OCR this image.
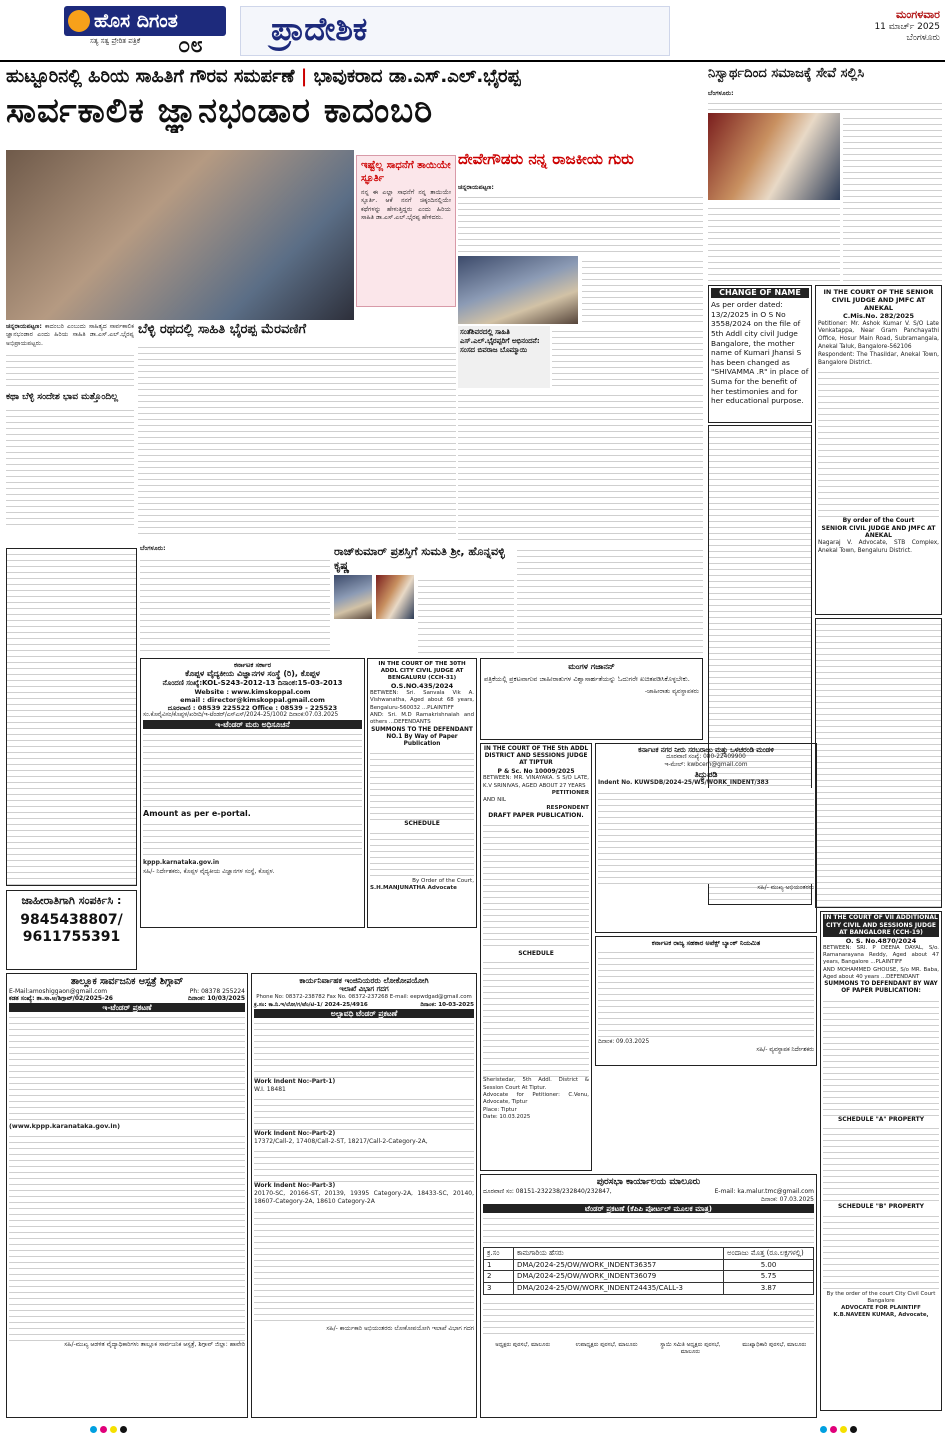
ಹೊಸ ದಿಗಂತ
ಸತ್ಯ ಸತ್ವ ಪ್ರೇರಿತ ಪತ್ರಿಕೆ ೦೮ ಪ್ರಾದೇಶಿಕ	ಮಂಗಳವಾರ
11 ಮಾರ್ಚ್ 2025
ಬೆಂಗಳೂರು
ಹುಟ್ಟೂರಿನಲ್ಲಿ ಹಿರಿಯ ಸಾಹಿತಿಗೆ ಗೌರವ ಸಮರ್ಪಣೆ | ಭಾವುಕರಾದ ಡಾ.ಎಸ್.ಎಲ್.ಭೈರಪ್ಪ
ಸಾರ್ವಕಾಲಿಕ ಜ್ಞಾನಭಂಡಾರ ಕಾದಂಬರಿ
ಇಷ್ಟೆಲ್ಲ ಸಾಧನೆಗೆ ತಾಯಿಯೇ ಸ್ಫೂರ್ತಿ
ನನ್ನ ಈ ಎಲ್ಲಾ ಸಾಧನೆಗೆ ನನ್ನ ತಾಯಿಯೇ ಸ್ಫೂರ್ತಿ. ಆಕೆ ನನಗೆ ಚಿಕ್ಕಂದಿನಲ್ಲಿಯೇ ಕಥೆಗಳನ್ನು ಹೇಳುತ್ತಿದ್ದರು ಎಂದು ಹಿರಿಯ ಸಾಹಿತಿ ಡಾ.ಎಸ್.ಎಲ್.ಭೈರಪ್ಪ ಹೇಳಿದರು.
ಚನ್ನರಾಯಪಟ್ಟಣ: ಕಾದಂಬರಿ ಎಂಬುದು ಸಾಹಿತ್ಯದ ಸಾರ್ವಕಾಲಿಕ ಜ್ಞಾನಭಂಡಾರ ಎಂದು ಹಿರಿಯ ಸಾಹಿತಿ ಡಾ.ಎಸ್.ಎಲ್.ಭೈರಪ್ಪ ಅಭಿಪ್ರಾಯಪಟ್ಟರು.
ಕಥಾ ಬೆಳ್ಳಿ ಸಂದೇಶ ಭಾವ ಮತ್ತೊಂದಿಲ್ಲ
ಬೆಳ್ಳಿ ರಥದಲ್ಲಿ ಸಾಹಿತಿ ಭೈರಪ್ಪ ಮೆರವಣಿಗೆ
ದೇವೇಗೌಡರು ನನ್ನ ರಾಜಕೀಯ ಗುರು
ಚನ್ನರಾಯಪಟ್ಟಣ:
ಸಂತೆಶಿವರದಲ್ಲಿ ಸಾಹಿತಿ ಎಸ್.ಎಲ್.ಭೈರಪ್ಪರಿಗೆ ಅಭಿನಂದನೆ: ಸಂಸದ ಬಿವರಾಜ ಬೊಮ್ಮಾಯಿ
ನಿಸ್ವಾರ್ಥದಿಂದ ಸಮಾಜಕ್ಕೆ ಸೇವೆ ಸಲ್ಲಿಸಿ
ಬೆಂಗಳೂರು:
CHANGE OF NAME
As per order dated: 13/2/2025 in O S No 3558/2024 on the file of 5th Addl city civil Judge Bangalore, the mother name of Kumari Jhansi S has been changed as "SHIVAMMA .R" in place of Suma for the benefit of her testimonies and for her educational purpose.
IN THE COURT OF THE SENIOR CIVIL JUDGE AND JMFC AT ANEKAL
C.Mis.No. 282/2025
Petitioner: Mr. Ashok Kumar V. S/O Late Venkatappa, Near Gram Panchayathi Office, Hosur Main Road, Subramangala, Anekal Taluk, Bangalore-562106
Respondent: The Thasildar, Anekal Town, Bangalore District.
By order of the Court
SENIOR CIVIL JUDGE AND JMFC AT ANEKAL
Nagaraj V. Advocate, STB Complex, Anekal Town, Bengaluru District.
ಬೆಂಗಳೂರು:	ರಾಜ್‌ಕುಮಾರ್ ಪ್ರಶಸ್ತಿಗೆ ಸುಮತಿ ಶ್ರೀ, ಹೊನ್ನವಳ್ಳಿ ಕೃಷ್ಣ
ಜಾಹೀರಾತಿಗಾಗಿ ಸಂಪರ್ಕಿಸಿ :
9845438807/ 9611755391
ಕರ್ನಾಟಕ ಸರ್ಕಾರ
ಕೊಪ್ಪಳ ವೈದ್ಯಕೀಯ ವಿಜ್ಞಾನಗಳ ಸಂಸ್ಥೆ (ರಿ), ಕೊಪ್ಪಳ
ನೊಂದಣಿ ಸಂಖ್ಯೆ:KOL-S243-2012-13 ದಿನಾಂಕ:15-03-2013
Website : www.kimskoppal.com
email : director@kimskoppal.gmail.com
ದೂರವಾಣಿ : 08539 225522 Office : 08539 - 225523
ಸಂ.ಕೊವೈವಿಸಂ/ಕೊಪ್ಪಳ/ಖರೀದಿ/ಇ-ಟೆಂಡರ್/ಎಸ್‌ಎಸ್/2024-25/1002 ದಿನಾಂಕ:07.03.2025
ಇ-ಟೆಂಡರ್ ಮರು ಅಧಿಸೂಚನೆ
Amount as per e-portal.
kppp.karnataka.gov.in
ಸಹಿ/- ನಿರ್ದೇಶಕರು, ಕೊಪ್ಪಳ ವೈದ್ಯಕೀಯ ವಿಜ್ಞಾನಗಳ ಸಂಸ್ಥೆ, ಕೊಪ್ಪಳ.
IN THE COURT OF THE 30TH ADDL CITY CIVIL JUDGE AT BENGALURU (CCH-31)
O.S.NO.435/2024
BETWEEN: Sri. Sanvala Vik A. Vishwanatha, Aged about 68 years, Bengaluru-560032 ...PLAINTIFF
AND: Sri. M.D Ramakrishnaiah and others ...DEFENDANTS
SUMMONS TO THE DEFENDANT NO.1 By Way of Paper Publication
SCHEDULE
By Order of the Court,
S.H.MANJUNATHA Advocate
ಮಂಗಳ ಗಜಾನನ್
ಪತ್ರಿಕೆಯಲ್ಲಿ ಪ್ರಕಟವಾಗುವ ಜಾಹೀರಾತುಗಳ ವಿಶ್ವಾಸಾರ್ಹತೆಯನ್ನು ಓದುಗರೇ ಖಚಿತಪಡಿಸಿಕೊಳ್ಳಬೇಕು.
-ಜಾಹೀರಾತು ವ್ಯವಸ್ಥಾಪಕರು
IN THE COURT OF THE 5th ADDL DISTRICT AND SESSIONS JUDGE AT TIPTUR
P & Sc. No 10009/2025
BETWEEN: MR. VINAYAKA. S S/O LATE, K.V SRINIVAS, AGED ABOUT 27 YEARS
PETITIONER
AND NIL
RESPONDENT
DRAFT PAPER PUBLICATION.
SCHEDULE
Sheristedar, 5th Addl. District & Session Court At Tiptur.
Advocate for Petitioner: C.Venu, Advocate, Tiptur
Place: Tiptur
Date: 10.03.2025
ಕರ್ನಾಟಕ ನಗರ ನೀರು ಸರಬರಾಜು ಮತ್ತು ಒಳಚರಂಡಿ ಮಂಡಳಿ
ದೂರವಾಣಿ ಸಂಖ್ಯೆ: 080-22409900
ಇ-ಮೇಲ್: kwbcem@gmail.com
ತಿದ್ದುಪಡಿ
Indent No. KUWSDB/2024-25/WS/WORK_INDENT/383
ಸಹಿ/- ಮುಖ್ಯ ಅಭಿಯಂತರರು
ಕರ್ನಾಟಕ ರಾಜ್ಯ ಸಹಕಾರ ಅಪೆಕ್ಸ್ ಬ್ಯಾಂಕ್ ನಿಯಮಿತ
ದಿನಾಂಕ: 09.03.2025
ಸಹಿ/- ವ್ಯವಸ್ಥಾಪಕ ನಿರ್ದೇಶಕರು
IN THE COURT OF VII ADDITIONAL CITY CIVIL AND SESSIONS JUDGE AT BANGALORE (CCH-19)
O. S. No.4870/2024
BETWEEN: SRI. P DEENA DAYAL, S/o. Ramanarayana Reddy, Aged about 47 years, Bangalore ...PLAINTIFF
AND MOHAMMED GHOUSE, S/o MR. Baba, Aged about 40 years ...DEFENDANT
SUMMONS TO DEFENDANT BY WAY OF PAPER PUBLICATION:
SCHEDULE "A" PROPERTY
SCHEDULE "B" PROPERTY
By the order of the court City Civil Court Bangalore
ADVOCATE FOR PLAINTIFF K.B.NAVEEN KUMAR, Advocate,
ತಾಲ್ಲೂಕ ಸಾರ್ವಜನಿಕ ಆಸ್ಪತ್ರೆ ಶಿಗ್ಗಾವ್
E-Mail:amoshiggaon@gmail.com	Ph: 08378 255224
ಕಡತ ಸಂಖ್ಯೆ: ತಾ.ಸಾ.ಆ/ಶಿಗ್ಗಾವ್/02/2025-26	ದಿನಾಂಕ: 10/03/2025
ಇ-ಟೆಂಡರ್ ಪ್ರಕಟಣೆ
(www.kppp.karanataka.gov.in)
ಸಹಿ/-ಮುಖ್ಯ ಆಡಳಿತ ವೈದ್ಯಾಧಿಕಾರಿಗಳು ತಾಲ್ಲೂಕ ಸಾರ್ವಜನಿಕ ಆಸ್ಪತ್ರೆ, ಶಿಗ್ಗಾವ್ ಜಿಲ್ಲಾ: ಹಾವೇರಿ
ಕಾರ್ಯನಿರ್ವಾಹಕ ಇಂಜಿನಿಯರರು ಲೋಕೋಪಯೋಗಿ
ಇಲಾಖೆ ವಿಭಾಗ ಗದಗ
Phone No: 08372-238782 Fax No. 08372-237268 E-mail: eepwdgad@gmail.com
ಕ್ರ.ಸಂ: ಕಾ.ನಿ.ಇ/ಲೋ/ಗ/ಟೆಂ/ಟಿ-1/ 2024-25/4916	ದಿನಾಂಕ: 10-03-2025
ಅಲ್ಪಾವಧಿ ಟೆಂಡರ್ ಪ್ರಕಟಣೆ
Work Indent No:-Part-1)
W.I. 18481
Work Indent No:-Part-2)
17372/Call-2, 17408/Call-2-ST, 18217/Call-2-Category-2A,
Work Indent No:-Part-3)
20170-SC, 20166-ST, 20139, 19395 Category-2A, 18433-SC, 20140, 18607-Category-2A, 18610 Category-2A
ಸಹಿ/- ಕಾರ್ಯಕಾರಿ ಅಭಿಯಂತರರು ಲೋಕೋಪಯೋಗಿ ಇಲಾಖೆ ವಿಭಾಗ ಗದಗ
ಪುರಸಭಾ ಕಾರ್ಯಾಲಯ ಮಾಲೂರು
ದೂರವಾಣಿ ಸಂ: 08151-232238/232840/232847,	E-mail: ka.malur.tmc@gmail.com
ದಿನಾಂಕ: 07.03.2025
ಟೆಂಡರ್ ಪ್ರಕಟಣೆ (ಕೆಪಿಪಿ ಪೋರ್ಟಲ್ ಮೂಲಕ ಮಾತ್ರ)
ಕ್ರ.ಸಂ	ಕಾಮಗಾರಿಯ ಹೆಸರು	ಅಂದಾಜು ಮೊತ್ತ (ರೂ.ಲಕ್ಷಗಳಲ್ಲಿ)
1	DMA/2024-25/OW/WORK_INDENT36357	5.00
2	DMA/2024-25/OW/WORK_INDENT36079	5.75
3	DMA/2024-25/OW/WORK_INDENT24435/CALL-3	3.87
ಅಧ್ಯಕ್ಷರು ಪುರಸಭೆ, ಮಾಲೂರು	ಉಪಾಧ್ಯಕ್ಷರು ಪುರಸಭೆ, ಮಾಲೂರು	ಸ್ಥಾಯಿ ಸಮಿತಿ ಅಧ್ಯಕ್ಷರು ಪುರಸಭೆ, ಮಾಲೂರು
ಮುಖ್ಯಾಧಿಕಾರಿ ಪುರಸಭೆ, ಮಾಲೂರು
